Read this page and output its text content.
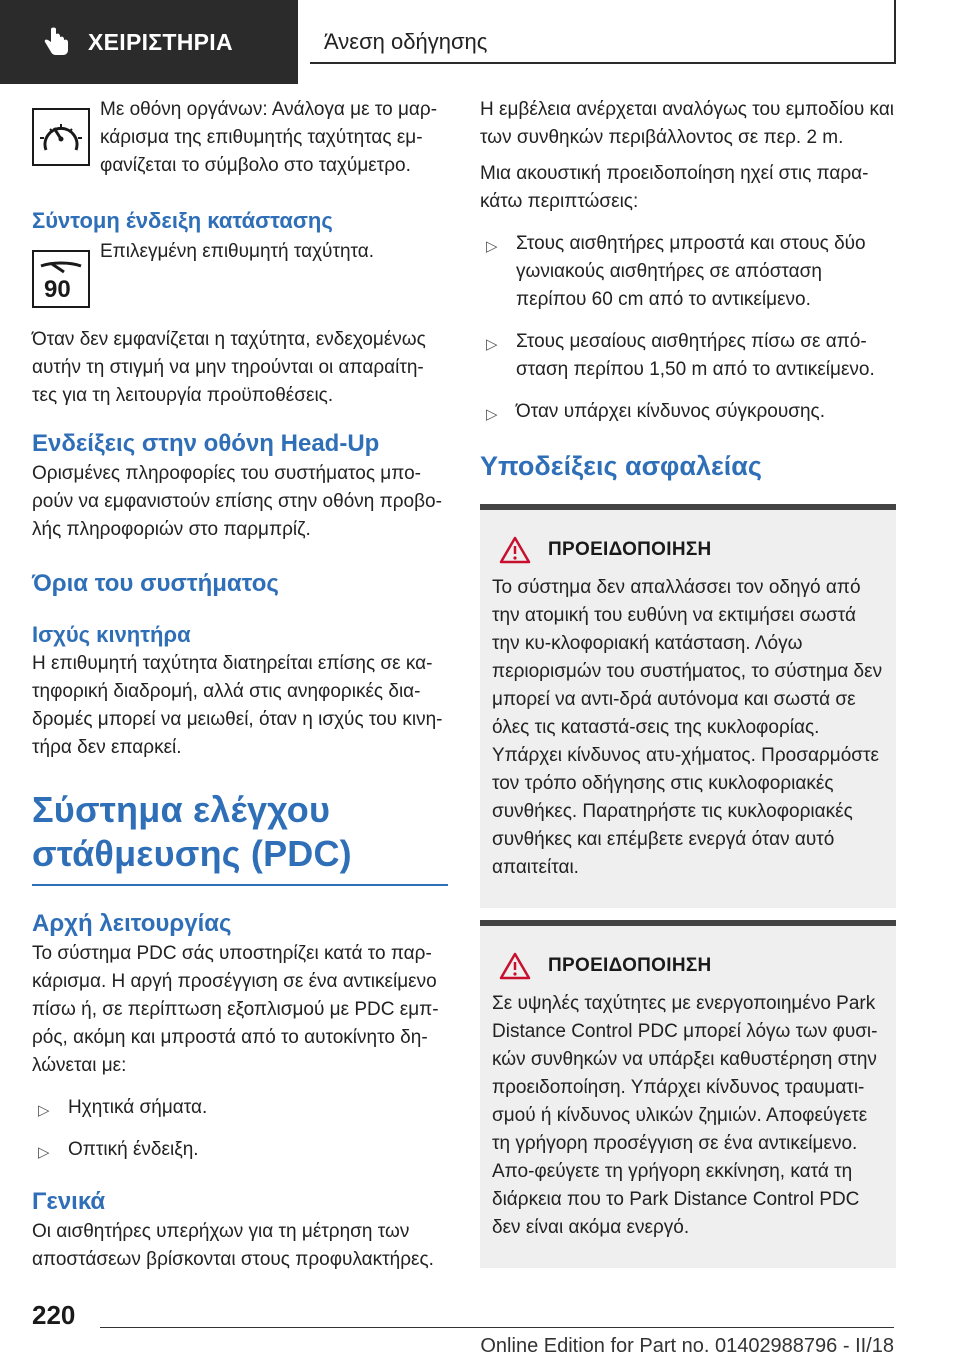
ΧΕΙΡΙΣΤΗΡΙΑ	Άνεση οδήγησης

Με οθόνη οργάνων: Ανάλογα με το μαρ-κάρισμα της επιθυμητής ταχύτητας εμ-φανίζεται το σύμβολο στο ταχύμετρο.

Σύντομη ένδειξη κατάστασης
90

Επιλεγμένη επιθυμητή ταχύτητα.

Όταν δεν εμφανίζεται η ταχύτητα, ενδεχομένως αυτήν τη στιγμή να μην τηρούνται οι απαραίτη-τες για τη λειτουργία προϋποθέσεις.

Ενδείξεις στην οθόνη Head-Up

Ορισμένες πληροφορίες του συστήματος μπο-ρούν να εμφανιστούν επίσης στην οθόνη προβο-λής πληροφοριών στο παρμπρίζ.

Όρια του συστήματος
Ισχύς κινητήρα

Η επιθυμητή ταχύτητα διατηρείται επίσης σε κα-τηφορική διαδρομή, αλλά στις ανηφορικές δια-δρομές μπορεί να μειωθεί, όταν η ισχύς του κινη-τήρα δεν επαρκεί.

Σύστημα ελέγχου στάθμευσης (PDC)
Αρχή λειτουργίας

Το σύστημα PDC σάς υποστηρίζει κατά το παρ-κάρισμα. Η αργή προσέγγιση σε ένα αντικείμενο πίσω ή, σε περίπτωση εξοπλισμού με PDC εμπ-ρός, ακόμη και μπροστά από το αυτοκίνητο δη-λώνεται με:

▷ Ηχητικά σήματα.
▷ Οπτική ένδειξη.
Γενικά

Οι αισθητήρες υπερήχων για τη μέτρηση των αποστάσεων βρίσκονται στους προφυλακτήρες.

Η εμβέλεια ανέρχεται αναλόγως του εμποδίου και των συνθηκών περιβάλλοντος σε περ. 2 m.

Μια ακουστική προειδοποίηση ηχεί στις παρα-κάτω περιπτώσεις:

▷ Στους αισθητήρες μπροστά και στους δύο γωνιακούς αισθητήρες σε απόσταση περίπου 60 cm από το αντικείμενο.
▷ Στους μεσαίους αισθητήρες πίσω σε από-σταση περίπου 1,50 m από το αντικείμενο.
▷ Όταν υπάρχει κίνδυνος σύγκρουσης.
Υποδείξεις ασφαλείας
ΠΡΟΕΙΔΟΠΟΙΗΣΗ

Το σύστημα δεν απαλλάσσει τον οδηγό από την ατομική του ευθύνη να εκτιμήσει σωστά την κυ-κλοφοριακή κατάσταση. Λόγω περιορισμών του συστήματος, το σύστημα δεν μπορεί να αντι-δρά αυτόνομα και σωστά σε όλες τις καταστά-σεις της κυκλοφορίας. Υπάρχει κίνδυνος ατυ-χήματος. Προσαρμόστε τον τρόπο οδήγησης στις κυκλοφοριακές συνθήκες. Παρατηρήστε τις κυκλοφοριακές συνθήκες και επέμβετε ενεργά όταν αυτό απαιτείται.

ΠΡΟΕΙΔΟΠΟΙΗΣΗ

Σε υψηλές ταχύτητες με ενεργοποιημένο Park Distance Control PDC μπορεί λόγω των φυσι-κών συνθηκών να υπάρξει καθυστέρηση στην προειδοποίηση. Υπάρχει κίνδυνος τραυματι-σμού ή κίνδυνος υλικών ζημιών. Αποφεύγετε τη γρήγορη προσέγγιση σε ένα αντικείμενο. Απο-φεύγετε τη γρήγορη εκκίνηση, κατά τη διάρκεια που το Park Distance Control PDC δεν είναι ακόμα ενεργό.

220
Online Edition for Part no. 01402988796 - II/18
